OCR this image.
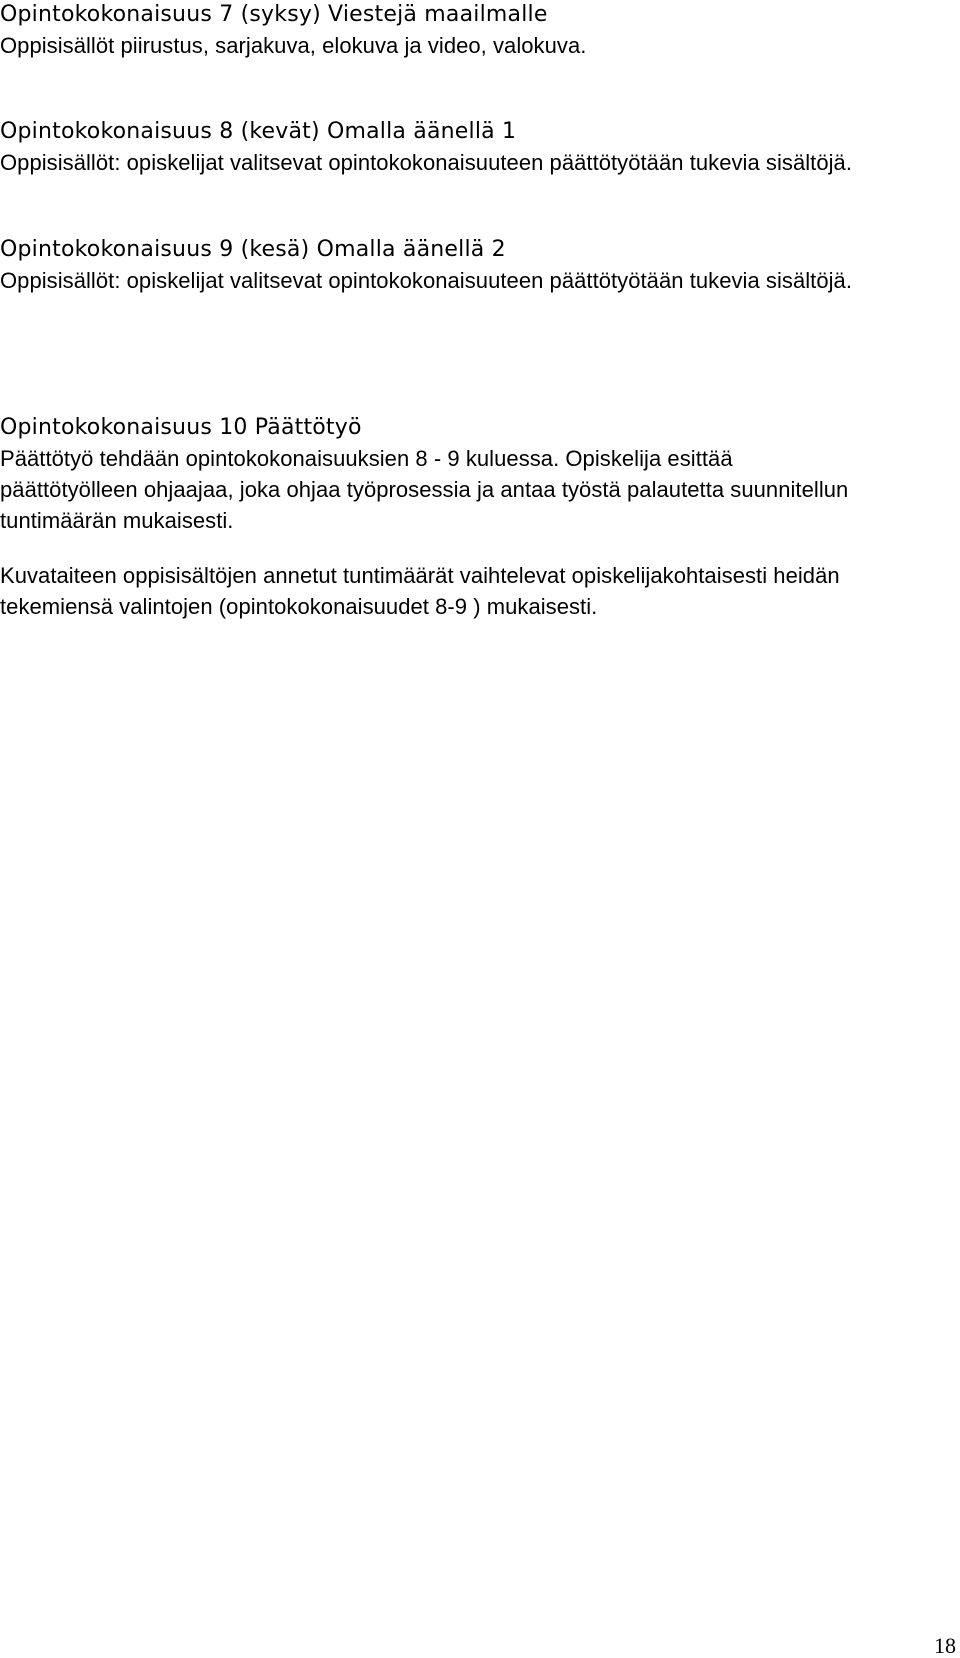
Opintokokonaisuus 7 (syksy) Viestejä maailmalle
Oppisisällöt piirustus, sarjakuva, elokuva ja video, valokuva.
Opintokokonaisuus 8 (kevät) Omalla äänellä 1
Oppisisällöt: opiskelijat valitsevat opintokokonaisuuteen päättötyötään tukevia sisältöjä.
Opintokokonaisuus 9 (kesä) Omalla äänellä 2
Oppisisällöt: opiskelijat valitsevat opintokokonaisuuteen päättötyötään tukevia sisältöjä.
Opintokokonaisuus 10 Päättötyö
Päättötyö tehdään opintokokonaisuuksien 8 - 9 kuluessa. Opiskelija esittää päättötyölleen ohjaajaa, joka ohjaa työprosessia ja antaa työstä palautetta suunnitellun tuntimäärän mukaisesti.
Kuvataiteen oppisisältöjen annetut tuntimäärät vaihtelevat opiskelijakohtaisesti heidän tekemiensä valintojen (opintokokonaisuudet 8-9 ) mukaisesti.
18
